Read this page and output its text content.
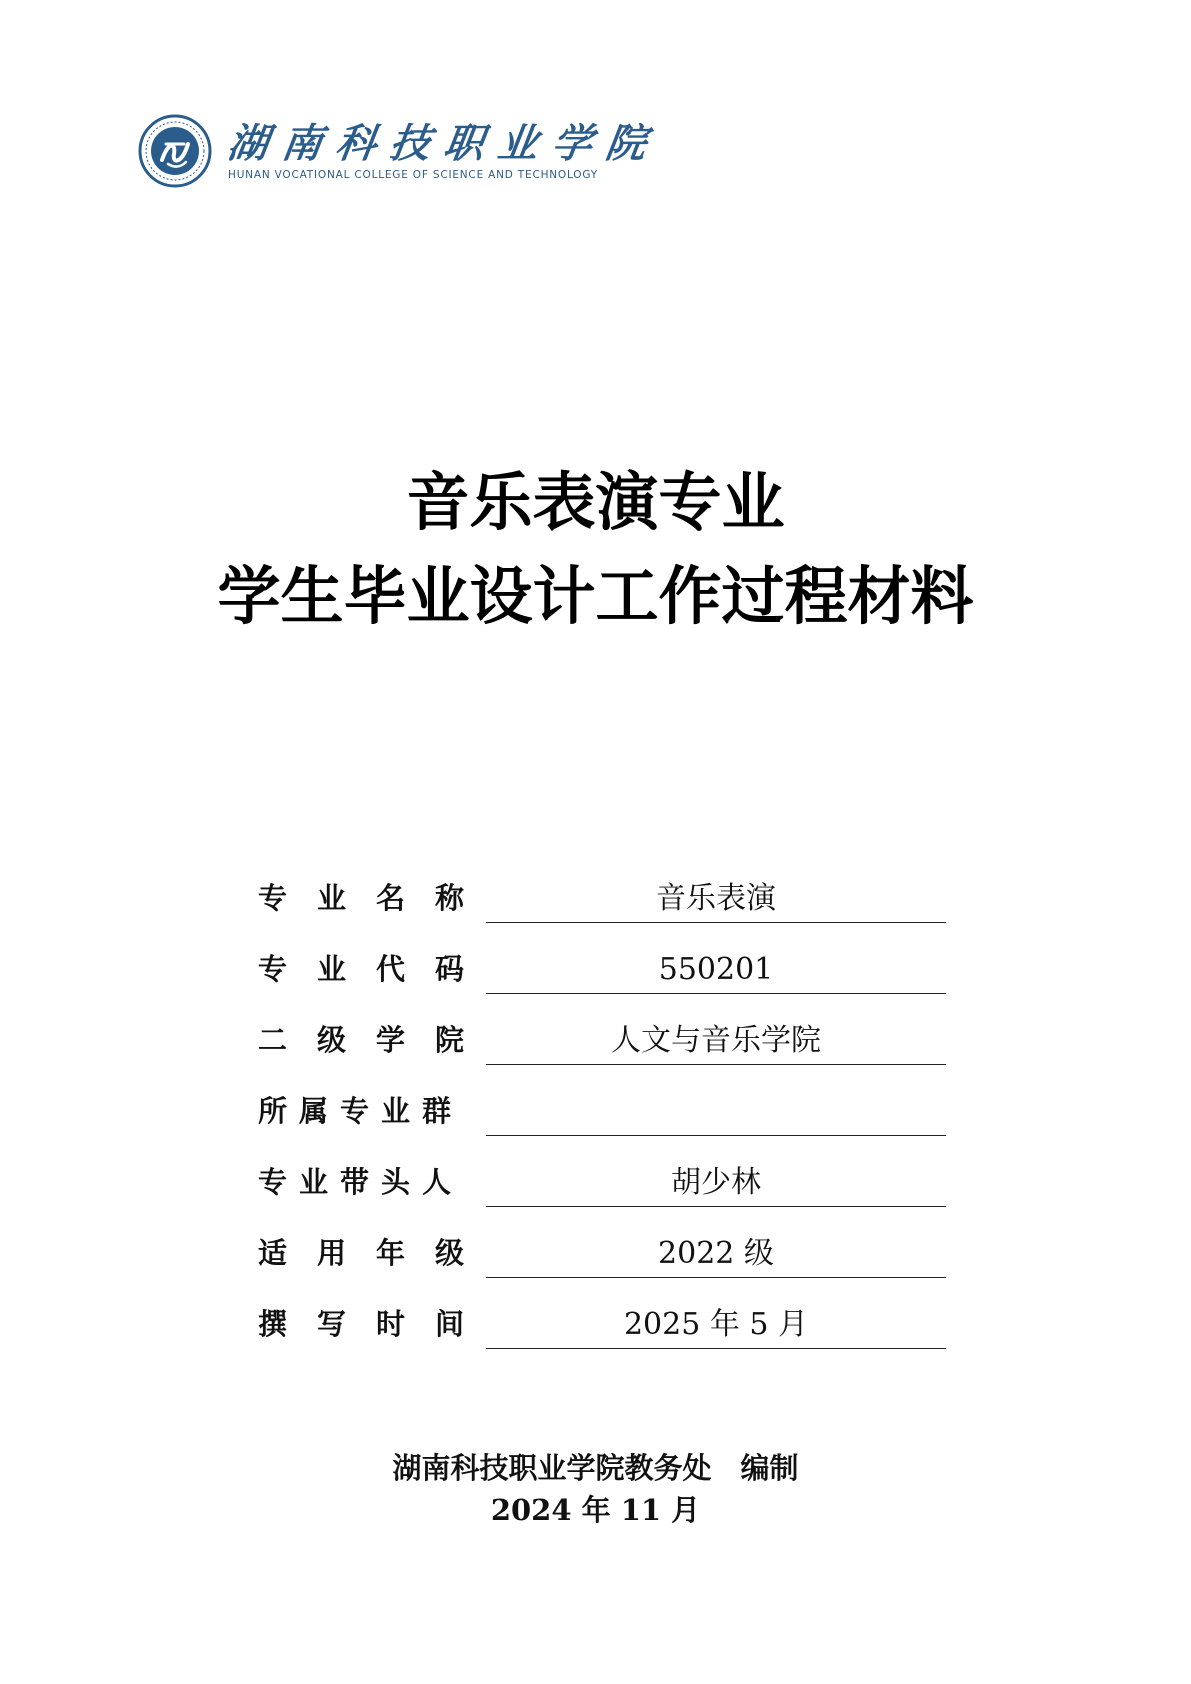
湖南科技职业学院
HUNAN VOCATIONAL COLLEGE OF SCIENCE AND TECHNOLOGY
音乐表演专业
学生毕业设计工作过程材料
专业名称	音乐表演
专业代码	550201
二级学院	人文与音乐学院
所属专业群
专业带头人	胡少林
适用年级	2022 级
撰写时间	2025 年 5 月
湖南科技职业学院教务处　编制
2024 年 11 月
